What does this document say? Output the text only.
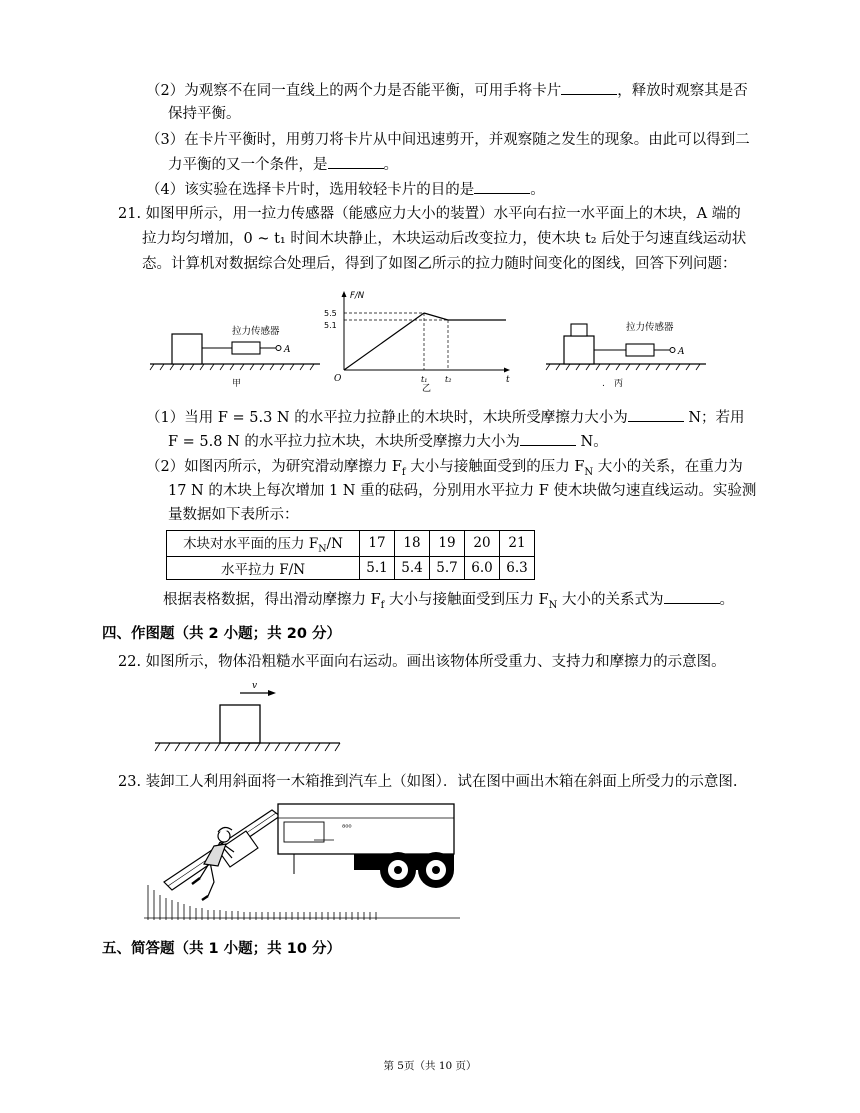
（2）为观察不在同一直线上的两个力是否能平衡，可用手将卡片	，释放时观察其是否
保持平衡。
（3）在卡片平衡时，用剪刀将卡片从中间迅速剪开，并观察随之发生的现象。由此可以得到二
力平衡的又一个条件，是	。
（4）该实验在选择卡片时，选用较轻卡片的目的是	。
21. 如图甲所示，用一拉力传感器（能感应力大小的装置）水平向右拉一水平面上的木块，A 端的
拉力均匀增加，0 ~ t₁ 时间木块静止，木块运动后改变拉力，使木块 t₂ 后处于匀速直线运动状
态。计算机对数据综合处理后，得到了如图乙所示的拉力随时间变化的图线，回答下列问题：
拉力传感器
A
甲
F/N
5.5
5.1
O	t₁ t₂	t
乙
拉力传感器
A
. 丙
（1）当用 F = 5.3 N 的水平拉力拉静止的木块时，木块所受摩擦力大小为	N；若用
F = 5.8 N 的水平拉力拉木块，木块所受摩擦力大小为	N。
（2）如图丙所示，为研究滑动摩擦力 $F_f$ 大小与接触面受到的压力 $F_N$ 大小的关系，在重力为
17 N 的木块上每次增加 1 N 重的砝码，分别用水平拉力 F 使木块做匀速直线运动。实验测
量数据如下表所示：
木块对水平面的压力 $F_N/N$	17	18	19	20	21
水平拉力 F/N	5.1	5.4	5.7	6.0	6.3
根据表格数据，得出滑动摩擦力 $F_f$ 大小与接触面受到压力 $F_N$ 大小的关系式为	。
四、作图题（共 2 小题；共 20 分）
22. 如图所示，物体沿粗糙水平面向右运动。画出该物体所受重力、支持力和摩擦力的示意图。
v
23. 装卸工人利用斜面将一木箱推到汽车上（如图）．试在图中画出木箱在斜面上所受力的示意图.
⁸⁰⁰
五、简答题（共 1 小题；共 10 分）
第 5页（共 10 页）
